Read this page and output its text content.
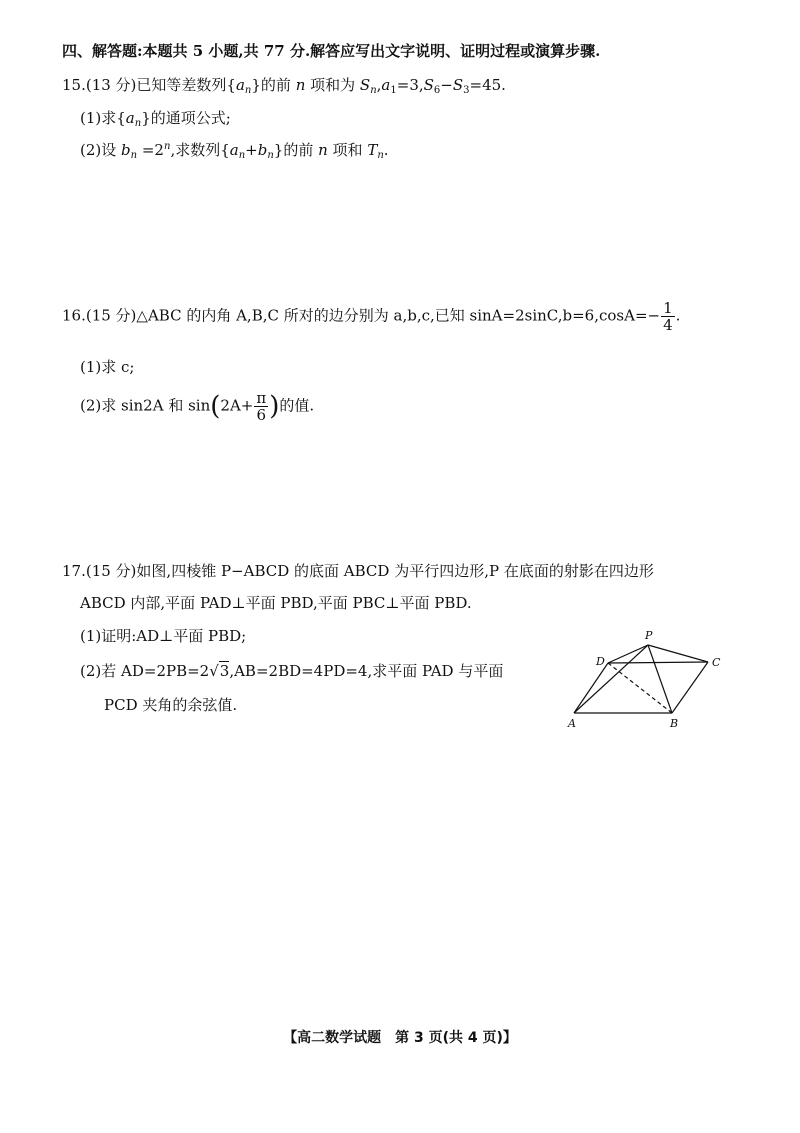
四、解答题:本题共 5 小题,共 77 分.解答应写出文字说明、证明过程或演算步骤.
15.(13 分)已知等差数列$\{a_n\}$的前 n 项和为 $S_n,a_1=3,S_6-S_3=45$.
(1)求$\{a_n\}$的通项公式;
(2)设 $b_n =2^n$,求数列$\{a_n+b_n\}$的前 n 项和 $T_n$.
16.(15 分)△ABC 的内角 A,B,C 所对的边分别为 a,b,c,已知 $\sin A=2\sin C,b=6,\cos A=- \frac{1}{4}$ .
(1)求 c;
(2)求 sin2A 和 $\sin(2A+ \frac{\pi}{6}$ )的值.
17.(15 分)如图,四棱锥 P−ABCD 的底面 ABCD 为平行四边形,P 在底面的射影在四边形
ABCD 内部,平面 PAD⊥平面 PBD,平面 PBC⊥平面 PBD.
(1)证明:AD⊥平面 PBD;
(2)若 AD=2PB=2√3,AB=2BD=4PD=4,求平面 PAD 与平面
PCD 夹角的余弦值.
P
D	C
A	B
【高二数学试题　第 3 页(共 4 页)】
